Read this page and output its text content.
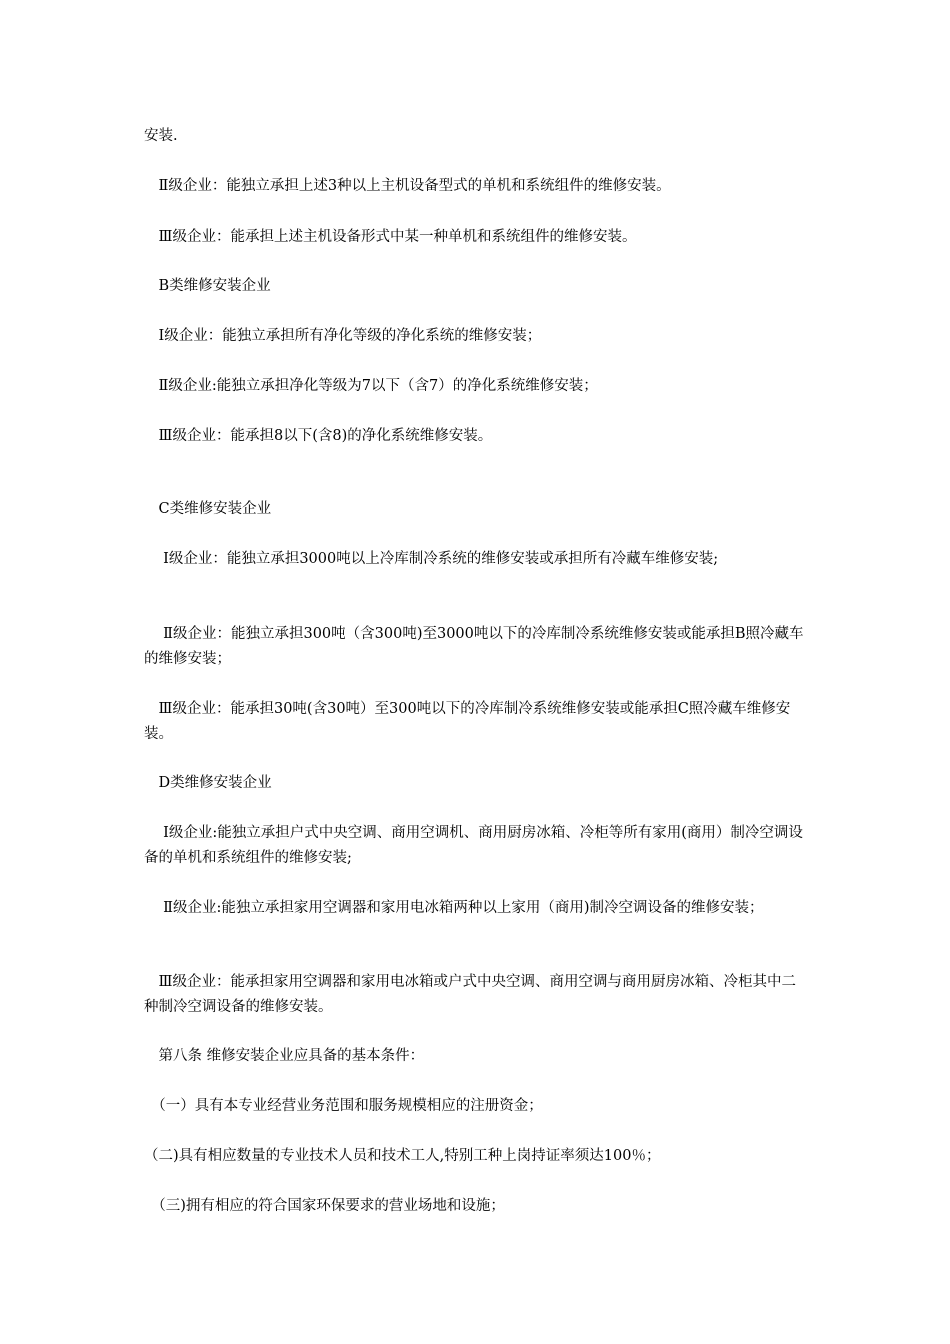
安装.

　Ⅱ级企业：能独立承担上述3种以上主机设备型式的单机和系统组件的维修安装。

　Ⅲ级企业：能承担上述主机设备形式中某一种单机和系统组件的维修安装。

　B类维修安装企业

　Ⅰ级企业：能独立承担所有净化等级的净化系统的维修安装；

　Ⅱ级企业:能独立承担净化等级为7以下（含7）的净化系统维修安装；

　Ⅲ级企业：能承担8以下(含8)的净化系统维修安装。

　C类维修安装企业

　 Ⅰ级企业：能独立承担3000吨以上冷库制冷系统的维修安装或承担所有冷藏车维修安装;

　 Ⅱ级企业：能独立承担300吨（含300吨)至3000吨以下的冷库制冷系统维修安装或能承担B照冷藏车的维修安装；

　Ⅲ级企业：能承担30吨(含30吨）至300吨以下的冷库制冷系统维修安装或能承担C照冷藏车维修安装。

　D类维修安装企业

　 Ⅰ级企业:能独立承担户式中央空调、商用空调机、商用厨房冰箱、冷柜等所有家用(商用）制冷空调设备的单机和系统组件的维修安装;

　 Ⅱ级企业:能独立承担家用空调器和家用电冰箱两种以上家用（商用)制冷空调设备的维修安装；

　Ⅲ级企业：能承担家用空调器和家用电冰箱或户式中央空调、商用空调与商用厨房冰箱、冷柜其中二种制冷空调设备的维修安装。

　第八条 维修安装企业应具备的基本条件：

　（一）具有本专业经营业务范围和服务规模相应的注册资金；

（二)具有相应数量的专业技术人员和技术工人,特别工种上岗持证率须达100％；

　（三)拥有相应的符合国家环保要求的营业场地和设施；
